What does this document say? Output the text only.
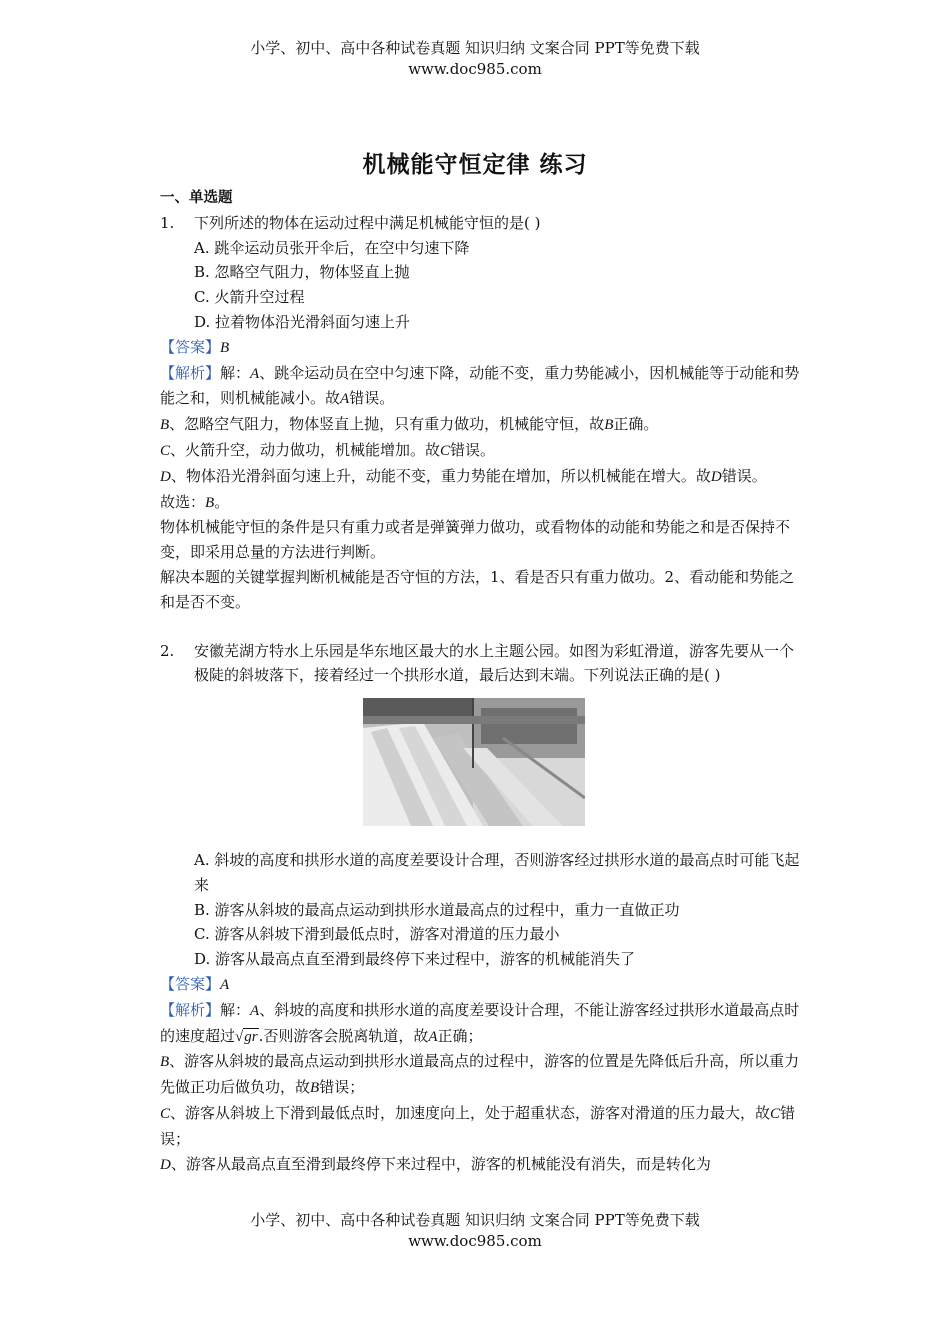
小学、初中、高中各种试卷真题 知识归纳 文案合同 PPT等免费下载
www.doc985.com
机械能守恒定律 练习
一、单选题
1. 下列所述的物体在运动过程中满足机械能守恒的是( )
A. 跳伞运动员张开伞后，在空中匀速下降
B. 忽略空气阻力，物体竖直上抛
C. 火箭升空过程
D. 拉着物体沿光滑斜面匀速上升
【答案】B
【解析】解：A、跳伞运动员在空中匀速下降，动能不变，重力势能减小，因机械能等于动能和势能之和，则机械能减小。故A错误。
B、忽略空气阻力，物体竖直上抛，只有重力做功，机械能守恒，故B正确。
C、火箭升空，动力做功，机械能增加。故C错误。
D、物体沿光滑斜面匀速上升，动能不变，重力势能在增加，所以机械能在增大。故D错误。
故选：B。
物体机械能守恒的条件是只有重力或者是弹簧弹力做功，或看物体的动能和势能之和是否保持不变，即采用总量的方法进行判断。
解决本题的关键掌握判断机械能是否守恒的方法，1、看是否只有重力做功。2、看动能和势能之和是否不变。
2. 安徽芜湖方特水上乐园是华东地区最大的水上主题公园。如图为彩虹滑道，游客先要从一个极陡的斜坡落下，接着经过一个拱形水道，最后达到末端。下列说法正确的是( )
A. 斜坡的高度和拱形水道的高度差要设计合理，否则游客经过拱形水道的最高点时可能飞起来
B. 游客从斜坡的最高点运动到拱形水道最高点的过程中，重力一直做正功
C. 游客从斜坡下滑到最低点时，游客对滑道的压力最小
D. 游客从最高点直至滑到最终停下来过程中，游客的机械能消失了
【答案】A
【解析】解：A、斜坡的高度和拱形水道的高度差要设计合理，不能让游客经过拱形水道最高点时的速度超过√gr.否则游客会脱离轨道，故A正确；
B、游客从斜坡的最高点运动到拱形水道最高点的过程中，游客的位置是先降低后升高，所以重力先做正功后做负功，故B错误；
C、游客从斜坡上下滑到最低点时，加速度向上，处于超重状态，游客对滑道的压力最大，故C错误；
D、游客从最高点直至滑到最终停下来过程中，游客的机械能没有消失，而是转化为
小学、初中、高中各种试卷真题 知识归纳 文案合同 PPT等免费下载
www.doc985.com
